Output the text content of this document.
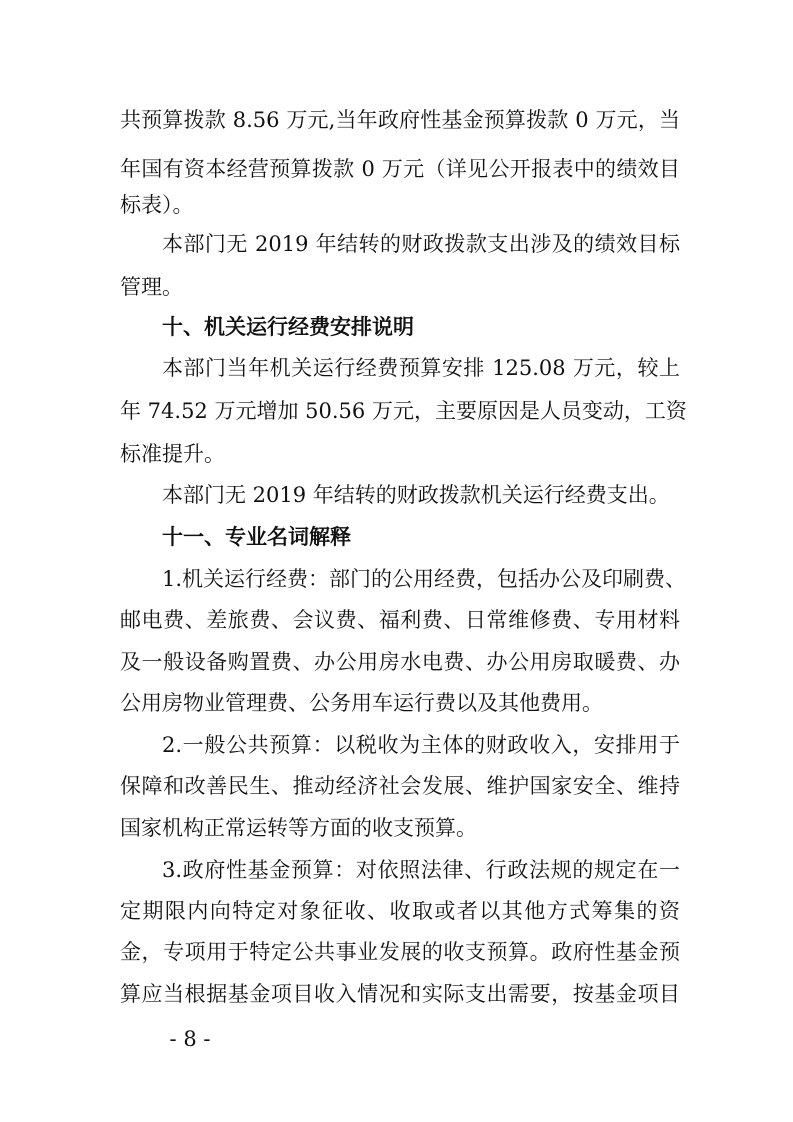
共预算拨款 8.56 万元,当年政府性基金预算拨款 0 万元，当
年国有资本经营预算拨款 0 万元（详见公开报表中的绩效目
标表）。
本部门无 2019 年结转的财政拨款支出涉及的绩效目标
管理。
十、机关运行经费安排说明
本部门当年机关运行经费预算安排 125.08 万元，较上
年 74.52 万元增加 50.56 万元，主要原因是人员变动，工资
标准提升。
本部门无 2019 年结转的财政拨款机关运行经费支出。
十一、专业名词解释
1.机关运行经费：部门的公用经费，包括办公及印刷费、
邮电费、差旅费、会议费、福利费、日常维修费、专用材料
及一般设备购置费、办公用房水电费、办公用房取暖费、办
公用房物业管理费、公务用车运行费以及其他费用。
2.一般公共预算：以税收为主体的财政收入，安排用于
保障和改善民生、推动经济社会发展、维护国家安全、维持
国家机构正常运转等方面的收支预算。
3.政府性基金预算：对依照法律、行政法规的规定在一
定期限内向特定对象征收、收取或者以其他方式筹集的资
金，专项用于特定公共事业发展的收支预算。政府性基金预
算应当根据基金项目收入情况和实际支出需要，按基金项目
- 8 -
